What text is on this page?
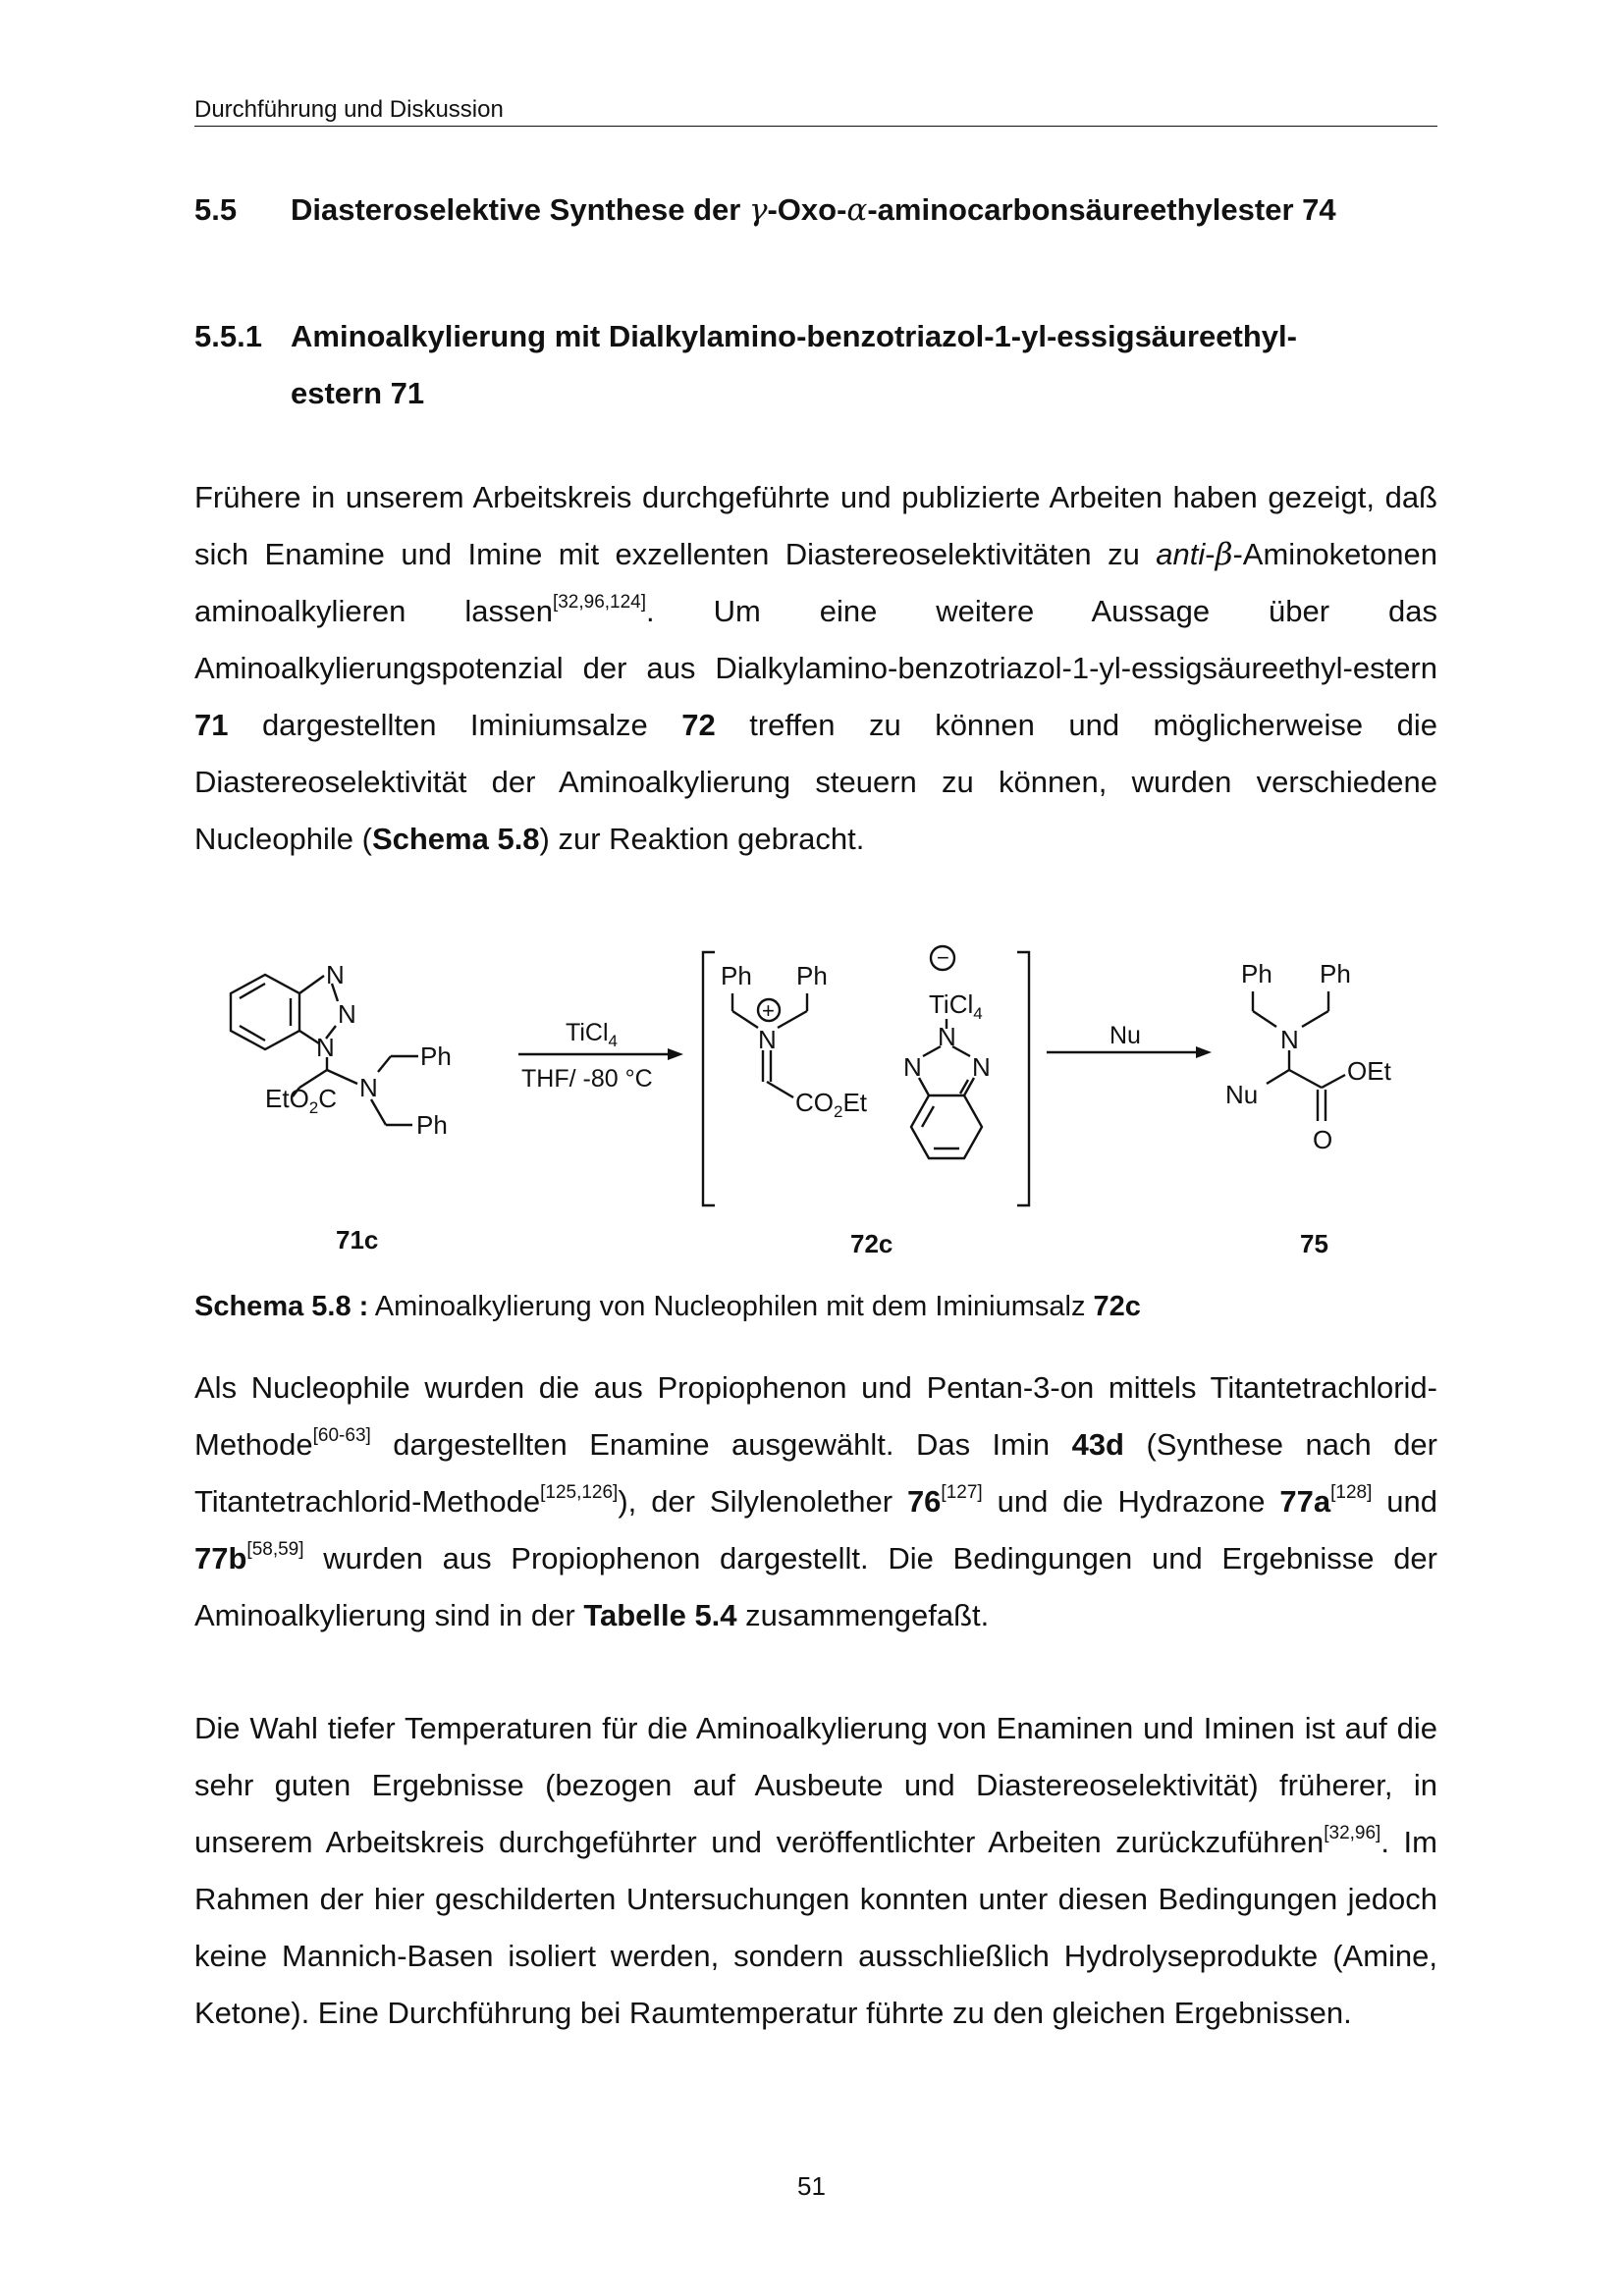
Durchführung und Diskussion
5.5 Diasteroselektive Synthese der γ-Oxo-α-aminocarbonsäureethylester 74
5.5.1 Aminoalkylierung mit Dialkylamino-benzotriazol-1-yl-essigsäureethyl-
estern 71

Frühere in unserem Arbeitskreis durchgeführte und publizierte Arbeiten haben gezeigt, daß sich Enamine und Imine mit exzellenten Diastereoselektivitäten zu anti-β-Aminoketonen aminoalkylieren lassen[32,96,124]. Um eine weitere Aussage über das Aminoalkylierungspotenzial der aus Dialkylamino-benzotriazol-1-yl-essigsäureethyl-estern 71 dargestellten Iminiumsalze 72 treffen zu können und möglicherweise die Diastereoselektivität der Aminoalkylierung steuern zu können, wurden verschiedene Nucleophile (Schema 5.8) zur Reaktion gebracht.

N
N
N
N
Ph
Ph
EtO$_2$C
TiCl$_4$
THF/ -80 °C
Ph Ph
N
+
$CO_2Et$
−
TiCl$_4$
N
N N
Nu
Ph Ph
N
Nu
OEt
O
71c	72c	75
Schema 5.8 : Aminoalkylierung von Nucleophilen mit dem Iminiumsalz 72c

Als Nucleophile wurden die aus Propiophenon und Pentan-3-on mittels Titantetrachlorid-Methode[60-63] dargestellten Enamine ausgewählt. Das Imin 43d (Synthese nach der Titantetrachlorid-Methode[125,126]), der Silylenolether 76[127] und die Hydrazone 77a[128] und 77b[58,59] wurden aus Propiophenon dargestellt. Die Bedingungen und Ergebnisse der Aminoalkylierung sind in der Tabelle 5.4 zusammengefaßt.

Die Wahl tiefer Temperaturen für die Aminoalkylierung von Enaminen und Iminen ist auf die sehr guten Ergebnisse (bezogen auf Ausbeute und Diastereoselektivität) früherer, in unserem Arbeitskreis durchgeführter und veröffentlichter Arbeiten zurückzuführen[32,96]. Im Rahmen der hier geschilderten Untersuchungen konnten unter diesen Bedingungen jedoch keine Mannich-Basen isoliert werden, sondern ausschließlich Hydrolyseprodukte (Amine, Ketone). Eine Durchführung bei Raumtemperatur führte zu den gleichen Ergebnissen.

51
